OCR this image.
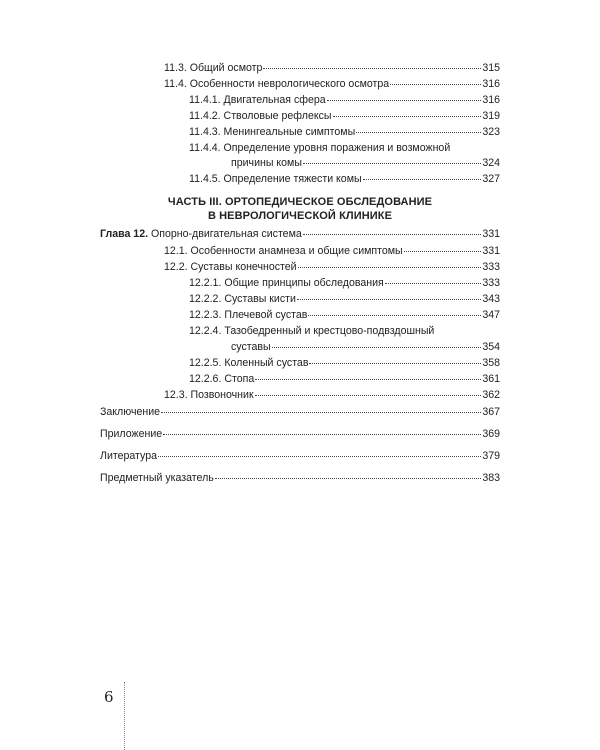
11.3. Общий осмотр	315
11.4. Особенности неврологического осмотра	316
11.4.1. Двигательная сфера	316
11.4.2. Стволовые рефлексы	319
11.4.3. Менингеальные симптомы	323
11.4.4. Определение уровня поражения и возможной
причины комы	324
11.4.5. Определение тяжести комы	327
ЧАСТЬ III. ОРТОПЕДИЧЕСКОЕ ОБСЛЕДОВАНИЕ
В НЕВРОЛОГИЧЕСКОЙ КЛИНИКЕ
Глава 12. Опорно-двигательная система	331
12.1. Особенности анамнеза и общие симптомы	331
12.2. Суставы конечностей	333
12.2.1. Общие принципы обследования	333
12.2.2. Суставы кисти	343
12.2.3. Плечевой сустав	347
12.2.4. Тазобедренный и крестцово-подвздошный
суставы	354
12.2.5. Коленный сустав	358
12.2.6. Стопа	361
12.3. Позвоночник	362
Заключение	367
Приложение	369
Литература	379
Предметный указатель	383
6
